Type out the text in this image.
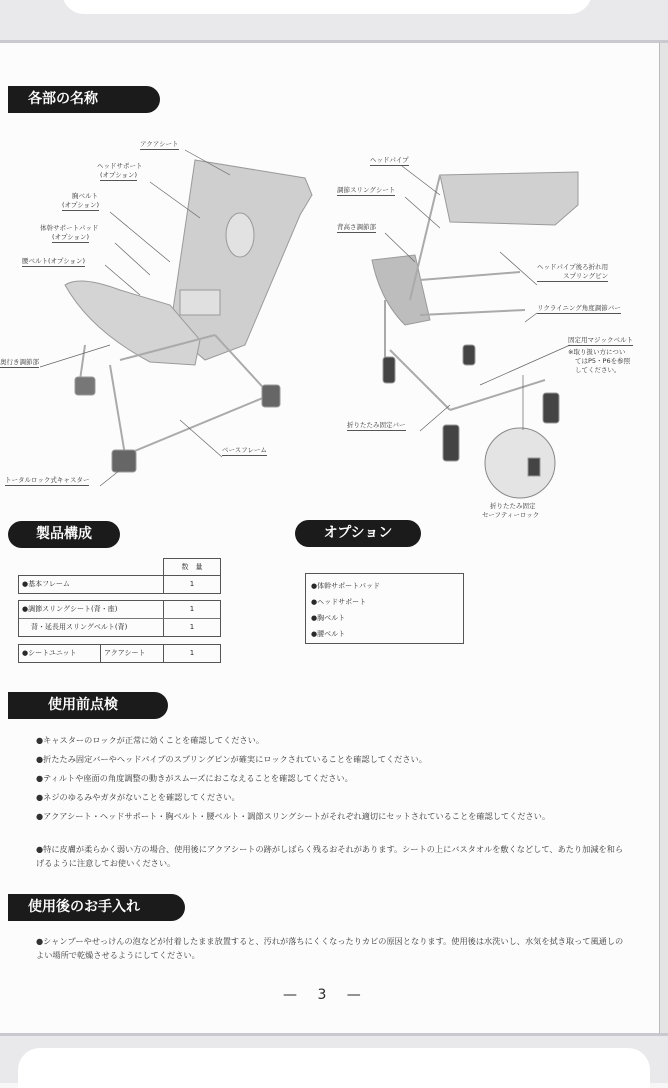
各部の名称
アクアシート
ヘッドサポート
(オプション)
胸ベルト
(オプション)
体幹サポートパッド
(オプション)
腰ベルト(オプション)
奥行き調節部
ベースフレーム
トータルロック式キャスター
ヘッドパイプ
調節スリングシート
背高さ調節部
ヘッドパイプ後ろ折れ用
スプリングピン
リクライニング角度調節バー
固定用マジックベルト
※取り扱い方につい
てはP5・P6を参照
してください。
折りたたみ固定バー
折りたたみ固定
セーフティーロック
製品構成
数　量
●基本フレーム	1
●調節スリングシート(背・座)	1
背・延長用スリングベルト(背)	1
●シートユニット	アクアシート	1
オプション
●体幹サポートパッド
●ヘッドサポート
●胸ベルト
●腰ベルト
使用前点検
●キャスターのロックが正常に効くことを確認してください。
●折たたみ固定バーやヘッドパイプのスプリングピンが確実にロックされていることを確認してください。
●ティルトや座面の角度調整の動きがスムーズにおこなえることを確認してください。
●ネジのゆるみやガタがないことを確認してください。
●アクアシート・ヘッドサポート・胸ベルト・腰ベルト・調節スリングシートがそれぞれ適切にセットされていることを確認してください。
●特に皮膚が柔らかく弱い方の場合、使用後にアクアシートの跡がしばらく残るおそれがあります。シートの上にバスタオルを敷くなどして、あたり加減を和らげるように注意してお使いください。
使用後のお手入れ
●シャンプーやせっけんの泡などが付着したまま放置すると、汚れが落ちにくくなったりカビの原因となります。使用後は水洗いし、水気を拭き取って風通しのよい場所で乾燥させるようにしてください。
— 3 —
